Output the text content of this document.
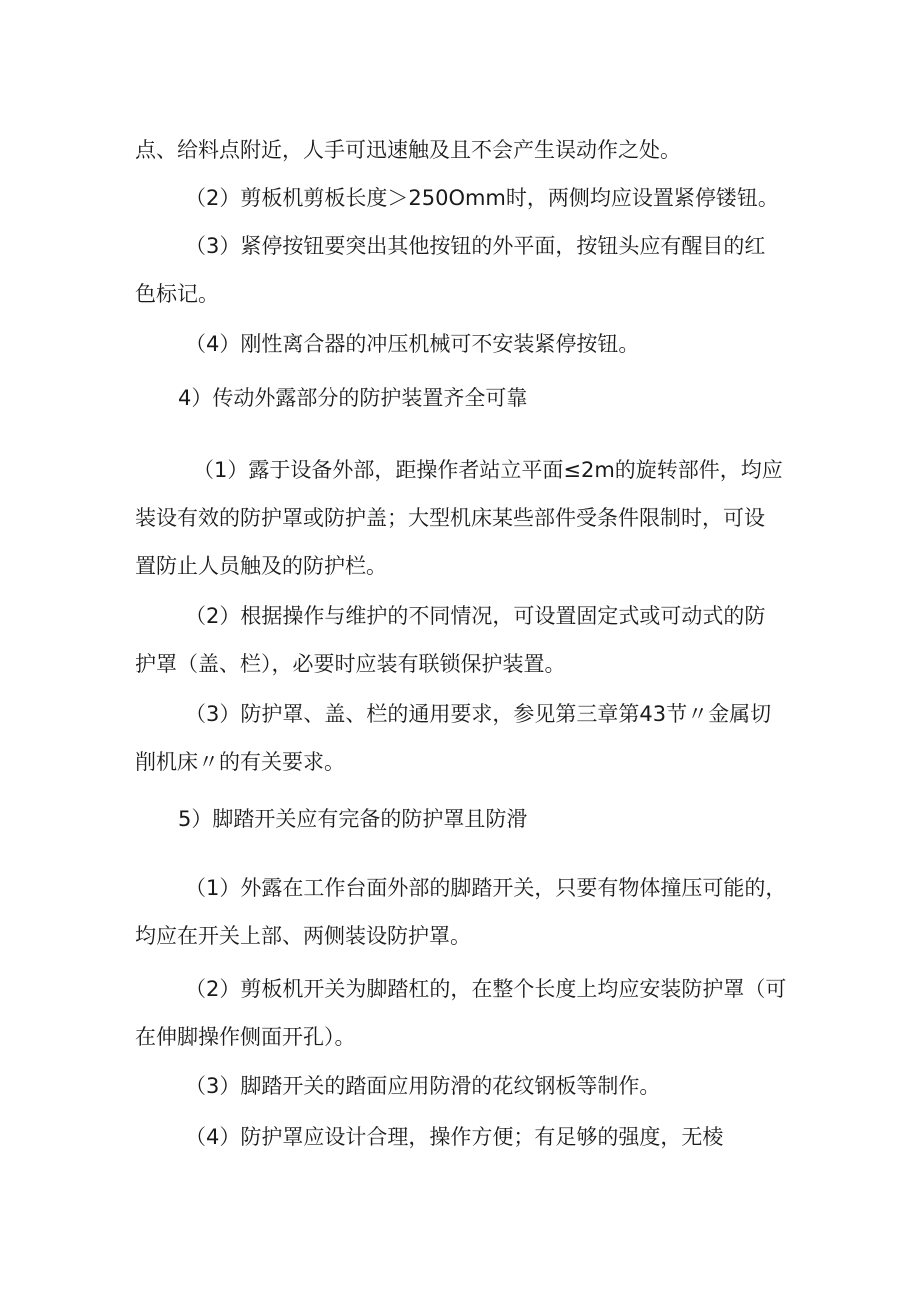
点、给料点附近，人手可迅速触及且不会产生误动作之处。

（2）剪板机剪板长度＞250Omm时，两侧均应设置紧停镂钮。

（3）紧停按钮要突出其他按钮的外平面，按钮头应有醒目的红
色标记。

（4）刚性离合器的冲压机械可不安装紧停按钮。

4）传动外露部分的防护装置齐全可靠

（1）露于设备外部，距操作者站立平面≤2m的旋转部件，均应
装设有效的防护罩或防护盖；大型机床某些部件受条件限制时，可设
置防止人员触及的防护栏。

（2）根据操作与维护的不同情况，可设置固定式或可动式的防
护罩（盖、栏），必要时应装有联锁保护装置。

（3）防护罩、盖、栏的通用要求，参见第三章第43节〃金属切
削机床〃的有关要求。

5）脚踏开关应有完备的防护罩且防滑

（1）外露在工作台面外部的脚踏开关，只要有物体撞压可能的，
均应在开关上部、两侧装设防护罩。

（2）剪板机开关为脚踏杠的，在整个长度上均应安装防护罩（可
在伸脚操作侧面开孔）。

（3）脚踏开关的踏面应用防滑的花纹钢板等制作。

（4）防护罩应设计合理，操作方便；有足够的强度，无棱
